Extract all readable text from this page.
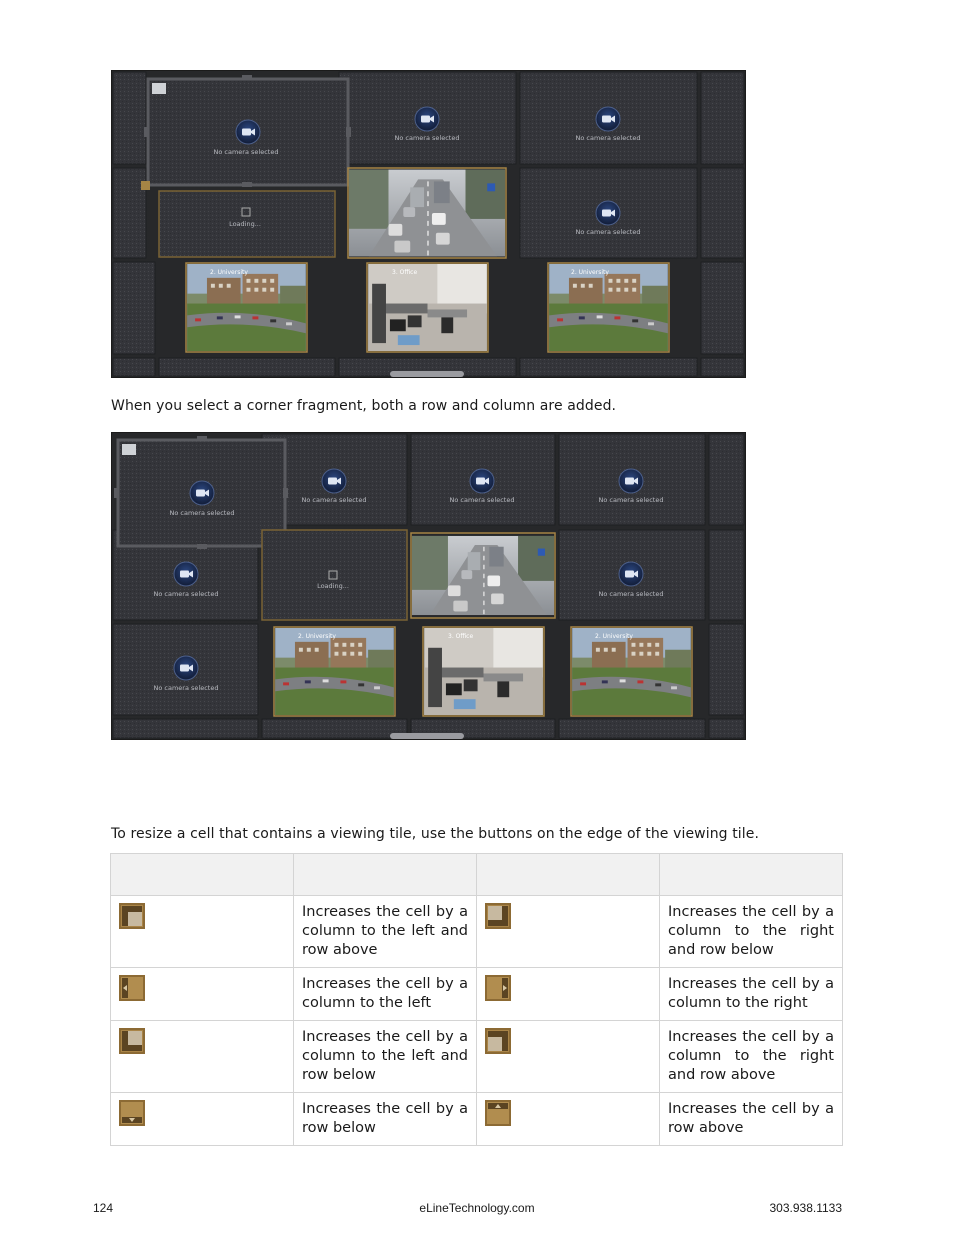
No camera selected
No camera selected	No camera selected
No camera selected
Loading...
2. University	3. Office	2. University
When you select a corner fragment, both a row and column are added.
No camera selected
No camera selected	No camera selected	No camera selected
No camera selected	No camera selected
No camera selected
Loading...
2. University	3. Office	2. University
To resize a cell that contains a viewing tile, use the buttons on the edge of the viewing tile.

	Increases the cell by a column to the left and row above		Increases the cell by a column to the right and row below
	Increases the cell by a column to the left		Increases the cell by a column to the right
	Increases the cell by a column to the left and row below		Increases the cell by a column to the right and row above
	Increases the cell by a row below		Increases the cell by a row above
124	eLineTechnology.com	303.938.1133
